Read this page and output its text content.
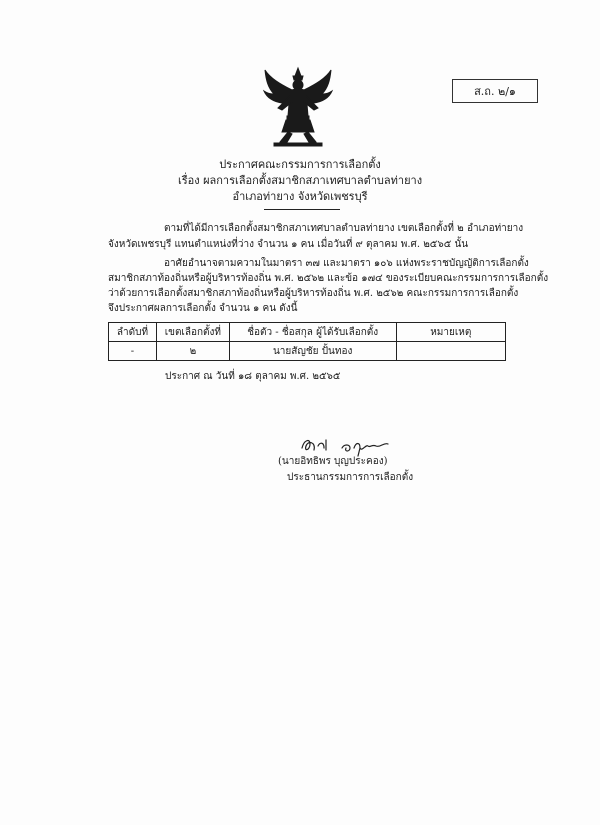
ส.ถ. ๒/๑
ประกาศคณะกรรมการการเลือกตั้ง
เรื่อง ผลการเลือกตั้งสมาชิกสภาเทศบาลตำบลท่ายาง
อำเภอท่ายาง จังหวัดเพชรบุรี
ตามที่ได้มีการเลือกตั้งสมาชิกสภาเทศบาลตำบลท่ายาง เขตเลือกตั้งที่ ๒ อำเภอท่ายาง
จังหวัดเพชรบุรี แทนตำแหน่งที่ว่าง จำนวน ๑ คน เมื่อวันที่ ๙ ตุลาคม พ.ศ. ๒๕๖๕ นั้น
อาศัยอำนาจตามความในมาตรา ๓๗ และมาตรา ๑๐๖ แห่งพระราชบัญญัติการเลือกตั้ง
สมาชิกสภาท้องถิ่นหรือผู้บริหารท้องถิ่น พ.ศ. ๒๕๖๒ และข้อ ๑๗๔ ของระเบียบคณะกรรมการการเลือกตั้ง
ว่าด้วยการเลือกตั้งสมาชิกสภาท้องถิ่นหรือผู้บริหารท้องถิ่น พ.ศ. ๒๕๖๒ คณะกรรมการการเลือกตั้ง
จึงประกาศผลการเลือกตั้ง จำนวน ๑ คน ดังนี้
ลำดับที่	เขตเลือกตั้งที่	ชื่อตัว - ชื่อสกุล ผู้ได้รับเลือกตั้ง	หมายเหตุ
-	๒	นายสัญชัย ปั้นทอง	
ประกาศ ณ วันที่ ๑๘ ตุลาคม พ.ศ. ๒๕๖๕
(นายอิทธิพร บุญประคอง)
ประธานกรรมการการเลือกตั้ง
